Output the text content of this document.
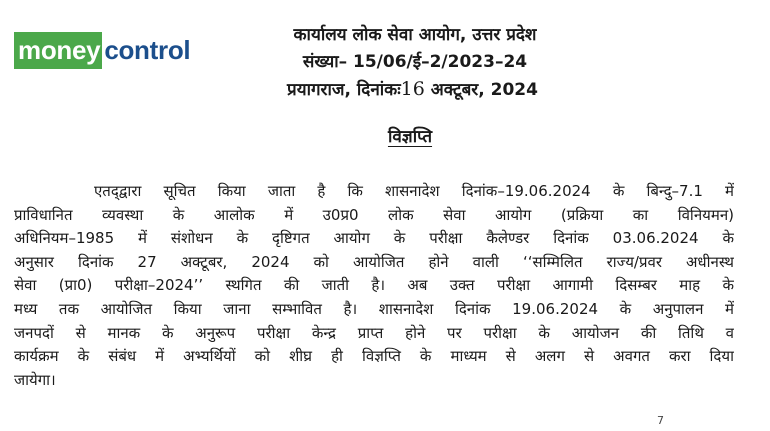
money control	कार्यालय लोक सेवा आयोग, उत्तर प्रदेश
संख्या– 15/06/ई–2/2023–24
प्रयागराज, दिनांकः16 अक्टूबर, 2024
विज्ञप्ति
एतद्‌द्वारा सूचित किया जाता है कि शासनादेश दिनांक–19.06.2024 के बिन्दु–7.1 में
प्राविधानित व्यवस्था के आलोक में उ0प्र0 लोक सेवा आयोग (प्रक्रिया का विनियमन)
अधिनियम–1985 में संशोधन के दृष्टिगत आयोग के परीक्षा कैलेण्डर दिनांक 03.06.2024 के
अनुसार दिनांक 27 अक्टूबर, 2024 को आयोजित होने वाली ‘‘सम्मिलित राज्य/प्रवर अधीनस्थ
सेवा (प्रा0) परीक्षा–2024’’ स्थगित की जाती है। अब उक्त परीक्षा आगामी दिसम्बर माह के
मध्य तक आयोजित किया जाना सम्भावित है। शासनादेश दिनांक 19.06.2024 के अनुपालन में
जनपदों से मानक के अनुरूप परीक्षा केन्द्र प्राप्त होने पर परीक्षा के आयोजन की तिथि व
कार्यक्रम के संबंध में अभ्यर्थियों को शीघ्र ही विज्ञप्ति के माध्यम से अलग से अवगत करा दिया
जायेगा।
7
